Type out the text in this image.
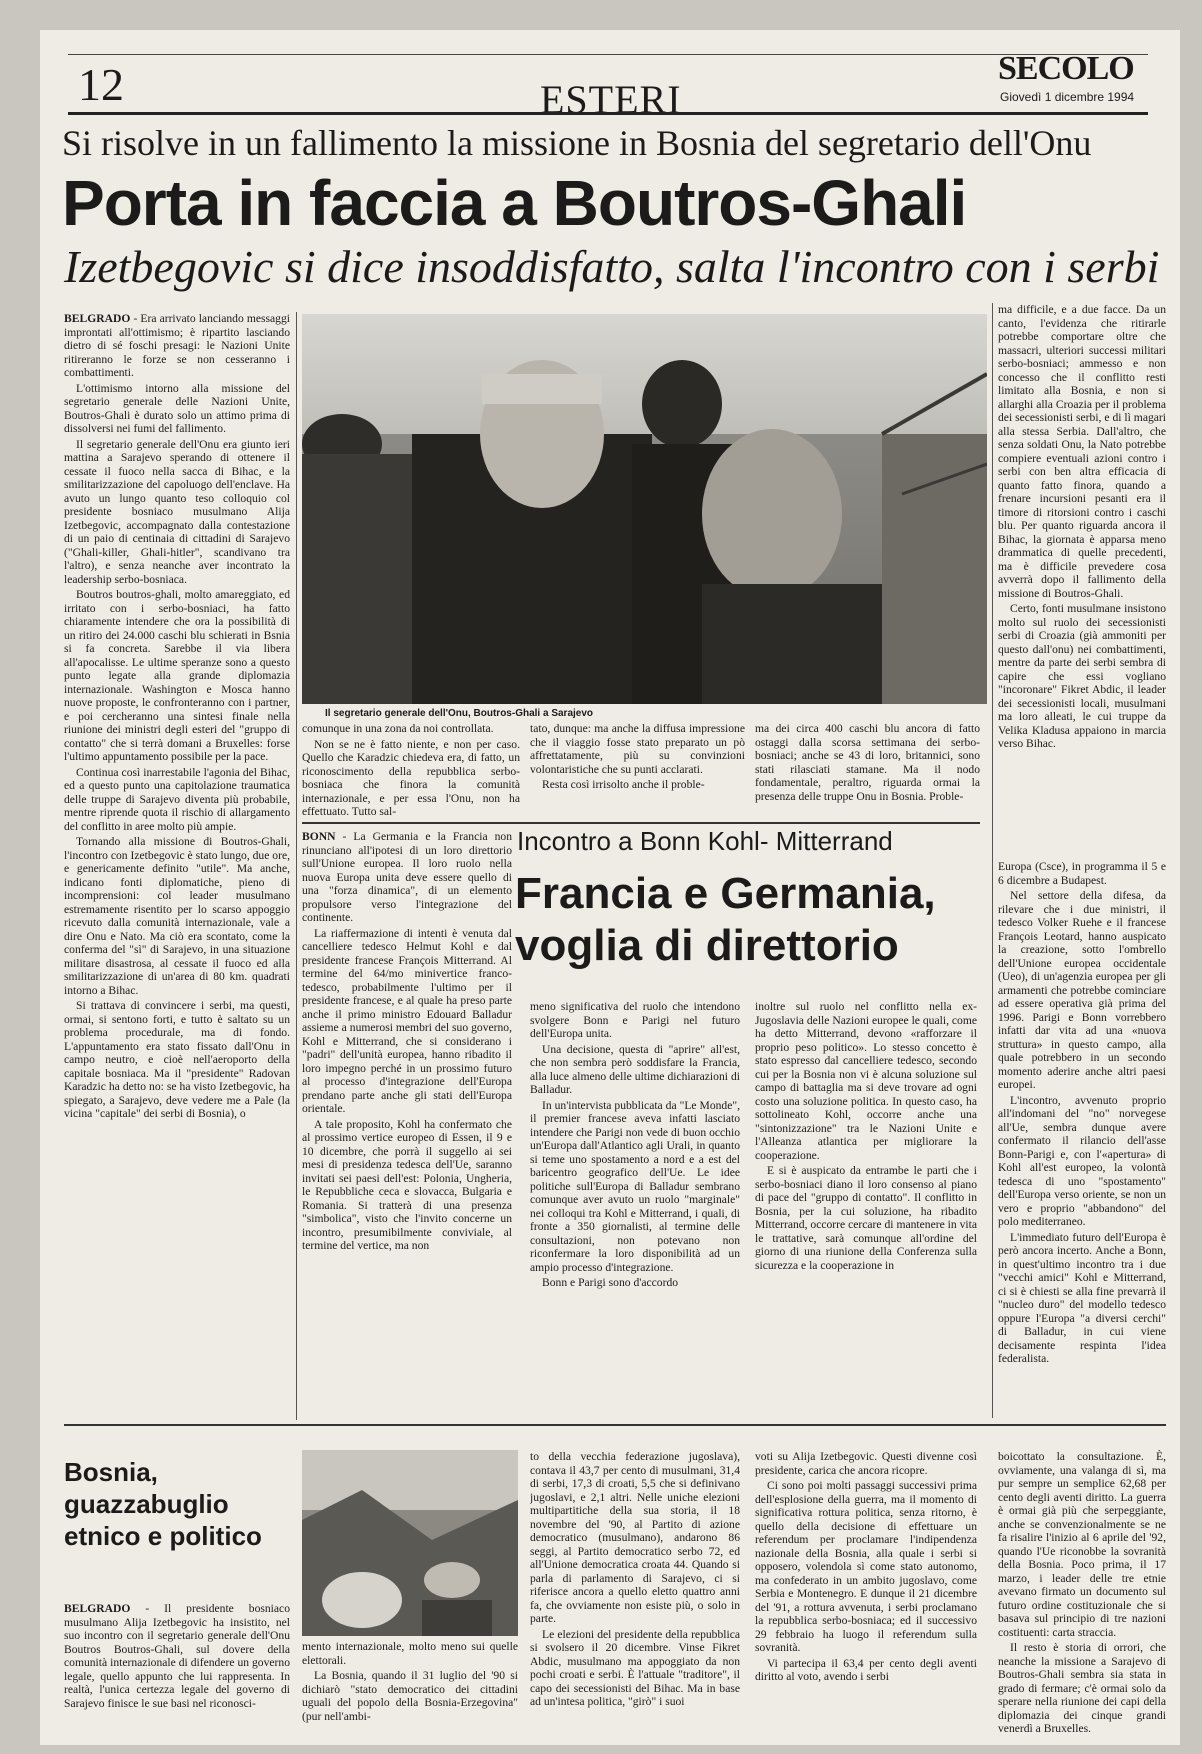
12	ESTERI
SECOLO
Giovedì 1 dicembre 1994
Si risolve in un fallimento la missione in Bosnia del segretario dell'Onu
Porta in faccia a Boutros-Ghali
Izetbegovic si dice insoddisfatto, salta l'incontro con i serbi

BELGRADO - Era arrivato lanciando messaggi improntati all'ottimismo; è ripartito lasciando dietro di sé foschi presagi: le Nazioni Unite ritireranno le forze se non cesseranno i combattimenti.

L'ottimismo intorno alla missione del segretario generale delle Nazioni Unite, Boutros-Ghali è durato solo un attimo prima di dissolversi nei fumi del fallimento.

Il segretario generale dell'Onu era giunto ieri mattina a Sarajevo sperando di ottenere il cessate il fuoco nella sacca di Bihac, e la smilitarizzazione del capoluogo dell'enclave. Ha avuto un lungo quanto teso colloquio col presidente bosniaco musulmano Alija Izetbegovic, accompagnato dalla contestazione di un paio di centinaia di cittadini di Sarajevo ("Ghali-killer, Ghali-hitler", scandivano tra l'altro), e senza neanche aver incontrato la leadership serbo-bosniaca.

Boutros boutros-ghali, molto amareggiato, ed irritato con i serbo-bosniaci, ha fatto chiaramente intendere che ora la possibilità di un ritiro dei 24.000 caschi blu schierati in Bsnia si fa concreta. Sarebbe il via libera all'apocalisse. Le ultime speranze sono a questo punto legate alla grande diplomazia internazionale. Washington e Mosca hanno nuove proposte, le confronteranno con i partner, e poi cercheranno una sintesi finale nella riunione dei ministri degli esteri del "gruppo di contatto" che si terrà domani a Bruxelles: forse l'ultimo appuntamento possibile per la pace.

Continua così inarrestabile l'agonia del Bihac, ed a questo punto una capitolazione traumatica delle truppe di Sarajevo diventa più probabile, mentre riprende quota il rischio di allargamento del conflitto in aree molto più ampie.

Tornando alla missione di Boutros-Ghali, l'incontro con Izetbegovic è stato lungo, due ore, e genericamente definito "utile". Ma anche, indicano fonti diplomatiche, pieno di incomprensioni: col leader musulmano estremamente risentito per lo scarso appoggio ricevuto dalla comunità internazionale, vale a dire Onu e Nato. Ma ciò era scontato, come la conferma del "sì" di Sarajevo, in una situazione militare disastrosa, al cessate il fuoco ed alla smilitarizzazione di un'area di 80 km. quadrati intorno a Bihac.

Si trattava di convincere i serbi, ma questi, ormai, si sentono forti, e tutto è saltato su un problema procedurale, ma di fondo. L'appuntamento era stato fissato dall'Onu in campo neutro, e cioè nell'aeroporto della capitale bosniaca. Ma il "presidente" Radovan Karadzic ha detto no: se ha visto Izetbegovic, ha spiegato, a Sarajevo, deve vedere me a Pale (la vicina "capitale" dei serbi di Bosnia), o

Il segretario generale dell'Onu, Boutros-Ghali a Sarajevo

comunque in una zona da noi controllata.

Non se ne è fatto niente, e non per caso. Quello che Karadzic chiedeva era, di fatto, un riconoscimento della repubblica serbo-bosniaca che finora la comunità internazionale, e per essa l'Onu, non ha effettuato. Tutto sal-

tato, dunque: ma anche la diffusa impressione che il viaggio fosse stato preparato un pò affrettatamente, più su convinzioni volontaristiche che su punti acclarati.

Resta così irrisolto anche il proble-

ma dei circa 400 caschi blu ancora di fatto ostaggi dalla scorsa settimana dei serbo-bosniaci; anche se 43 di loro, britannici, sono stati rilasciati stamane. Ma il nodo fondamentale, peraltro, riguarda ormai la presenza delle truppe Onu in Bosnia. Proble-

ma difficile, e a due facce. Da un canto, l'evidenza che ritirarle potrebbe comportare oltre che massacri, ulteriori successi militari serbo-bosniaci; ammesso e non concesso che il conflitto resti limitato alla Bosnia, e non si allarghi alla Croazia per il problema dei secessionisti serbi, e di lì magari alla stessa Serbia. Dall'altro, che senza soldati Onu, la Nato potrebbe compiere eventuali azioni contro i serbi con ben altra efficacia di quanto fatto finora, quando a frenare incursioni pesanti era il timore di ritorsioni contro i caschi blu. Per quanto riguarda ancora il Bihac, la giornata è apparsa meno drammatica di quelle precedenti, ma è difficile prevedere cosa avverrà dopo il fallimento della missione di Boutros-Ghali.

Certo, fonti musulmane insistono molto sul ruolo dei secessionisti serbi di Croazia (già ammoniti per questo dall'onu) nei combattimenti, mentre da parte dei serbi sembra di capire che essi vogliano "incoronare" Fikret Abdic, il leader dei secessionisti locali, musulmani ma loro alleati, le cui truppe da Velika Kladusa appaiono in marcia verso Bihac.

Incontro a Bonn Kohl- Mitterrand
Francia e Germania, voglia di direttorio

BONN - La Germania e la Francia non rinunciano all'ipotesi di un loro direttorio sull'Unione europea. Il loro ruolo nella nuova Europa unita deve essere quello di una "forza dinamica", di un elemento propulsore verso l'integrazione del continente.

La riaffermazione di intenti è venuta dal cancelliere tedesco Helmut Kohl e dal presidente francese François Mitterrand. Al termine del 64/mo minivertice franco-tedesco, probabilmente l'ultimo per il presidente francese, e al quale ha preso parte anche il primo ministro Edouard Balladur assieme a numerosi membri del suo governo, Kohl e Mitterrand, che si considerano i "padri" dell'unità europea, hanno ribadito il loro impegno perché in un prossimo futuro al processo d'integrazione dell'Europa prendano parte anche gli stati dell'Europa orientale.

A tale proposito, Kohl ha confermato che al prossimo vertice europeo di Essen, il 9 e 10 dicembre, che porrà il suggello ai sei mesi di presidenza tedesca dell'Ue, saranno invitati sei paesi dell'est: Polonia, Ungheria, le Repubbliche ceca e slovacca, Bulgaria e Romania. Si tratterà di una presenza "simbolica", visto che l'invito concerne un incontro, presumibilmente conviviale, al termine del vertice, ma non

meno significativa del ruolo che intendono svolgere Bonn e Parigi nel futuro dell'Europa unita.

Una decisione, questa di "aprire" all'est, che non sembra però soddisfare la Francia, alla luce almeno delle ultime dichiarazioni di Balladur.

In un'intervista pubblicata da "Le Monde", il premier francese aveva infatti lasciato intendere che Parigi non vede di buon occhio un'Europa dall'Atlantico agli Urali, in quanto si teme uno spostamento a nord e a est del baricentro geografico dell'Ue. Le idee politiche sull'Europa di Balladur sembrano comunque aver avuto un ruolo "marginale" nei colloqui tra Kohl e Mitterrand, i quali, di fronte a 350 giornalisti, al termine delle consultazioni, non potevano non riconfermare la loro disponibilità ad un ampio processo d'integrazione.

Bonn e Parigi sono d'accordo

inoltre sul ruolo nel conflitto nella ex-Jugoslavia delle Nazioni europee le quali, come ha detto Mitterrand, devono «rafforzare il proprio peso politico». Lo stesso concetto è stato espresso dal cancelliere tedesco, secondo cui per la Bosnia non vi è alcuna soluzione sul campo di battaglia ma si deve trovare ad ogni costo una soluzione politica. In questo caso, ha sottolineato Kohl, occorre anche una "sintonizzazione" tra le Nazioni Unite e l'Alleanza atlantica per migliorare la cooperazione.

E si è auspicato da entrambe le parti che i serbo-bosniaci diano il loro consenso al piano di pace del "gruppo di contatto". Il conflitto in Bosnia, per la cui soluzione, ha ribadito Mitterrand, occorre cercare di mantenere in vita le trattative, sarà comunque all'ordine del giorno di una riunione della Conferenza sulla sicurezza e la cooperazione in

Europa (Csce), in programma il 5 e 6 dicembre a Budapest.

Nel settore della difesa, da rilevare che i due ministri, il tedesco Volker Ruehe e il francese François Leotard, hanno auspicato la creazione, sotto l'ombrello dell'Unione europea occidentale (Ueo), di un'agenzia europea per gli armamenti che potrebbe cominciare ad essere operativa già prima del 1996. Parigi e Bonn vorrebbero infatti dar vita ad una «nuova struttura» in questo campo, alla quale potrebbero in un secondo momento aderire anche altri paesi europei.

L'incontro, avvenuto proprio all'indomani del "no" norvegese all'Ue, sembra dunque avere confermato il rilancio dell'asse Bonn-Parigi e, con l'«apertura» di Kohl all'est europeo, la volontà tedesca di uno "spostamento" dell'Europa verso oriente, se non un vero e proprio "abbandono" del polo mediterraneo.

L'immediato futuro dell'Europa è però ancora incerto. Anche a Bonn, in quest'ultimo incontro tra i due "vecchi amici" Kohl e Mitterrand, ci si è chiesti se alla fine prevarrà il "nucleo duro" del modello tedesco oppure l'Europa "a diversi cerchi" di Balladur, in cui viene decisamente respinta l'idea federalista.

Bosnia, guazzabuglio etnico e politico

BELGRADO - Il presidente bosniaco musulmano Alija Izetbegovic ha insistito, nel suo incontro con il segretario generale dell'Onu Boutros Boutros-Ghali, sul dovere della comunità internazionale di difendere un governo legale, quello appunto che lui rappresenta. In realtà, l'unica certezza legale del governo di Sarajevo finisce le sue basi nel riconosci-

mento internazionale, molto meno sui quelle elettorali.

La Bosnia, quando il 31 luglio del '90 si dichiarò "stato democratico dei cittadini uguali del popolo della Bosnia-Erzegovina" (pur nell'ambi-

to della vecchia federazione jugoslava), contava il 43,7 per cento di musulmani, 31,4 di serbi, 17,3 di croati, 5,5 che si definivano jugoslavi, e 2,1 altri. Nelle uniche elezioni multipartitiche della sua storia, il 18 novembre del '90, al Partito di azione democratico (musulmano), andarono 86 seggi, al Partito democratico serbo 72, ed all'Unione democratica croata 44. Quando si parla di parlamento di Sarajevo, ci si riferisce ancora a quello eletto quattro anni fa, che ovviamente non esiste più, o solo in parte.

Le elezioni del presidente della repubblica si svolsero il 20 dicembre. Vinse Fikret Abdic, musulmano ma appoggiato da non pochi croati e serbi. È l'attuale "traditore", il capo dei secessionisti del Bihac. Ma in base ad un'intesa politica, "girò" i suoi

voti su Alija Izetbegovic. Questi divenne così presidente, carica che ancora ricopre.

Ci sono poi molti passaggi successivi prima dell'esplosione della guerra, ma il momento di significativa rottura politica, senza ritorno, è quello della decisione di effettuare un referendum per proclamare l'indipendenza nazionale della Bosnia, alla quale i serbi si opposero, volendola sì come stato autonomo, ma confederato in un ambito jugoslavo, come Serbia e Montenegro. E dunque il 21 dicembre del '91, a rottura avvenuta, i serbi proclamano la repubblica serbo-bosniaca; ed il successivo 29 febbraio ha luogo il referendum sulla sovranità.

Vi partecipa il 63,4 per cento degli aventi diritto al voto, avendo i serbi

boicottato la consultazione. È, ovviamente, una valanga di sì, ma pur sempre un semplice 62,68 per cento degli aventi diritto. La guerra è ormai già più che serpeggiante, anche se convenzionalmente se ne fa risalire l'inizio al 6 aprile del '92, quando l'Ue riconobbe la sovranità della Bosnia. Poco prima, il 17 marzo, i leader delle tre etnie avevano firmato un documento sul futuro ordine costituzionale che si basava sul principio di tre nazioni costituenti: carta straccia.

Il resto è storia di orrori, che neanche la missione a Sarajevo di Boutros-Ghali sembra sia stata in grado di fermare; c'è ormai solo da sperare nella riunione dei capi della diplomazia dei cinque grandi venerdì a Bruxelles.
